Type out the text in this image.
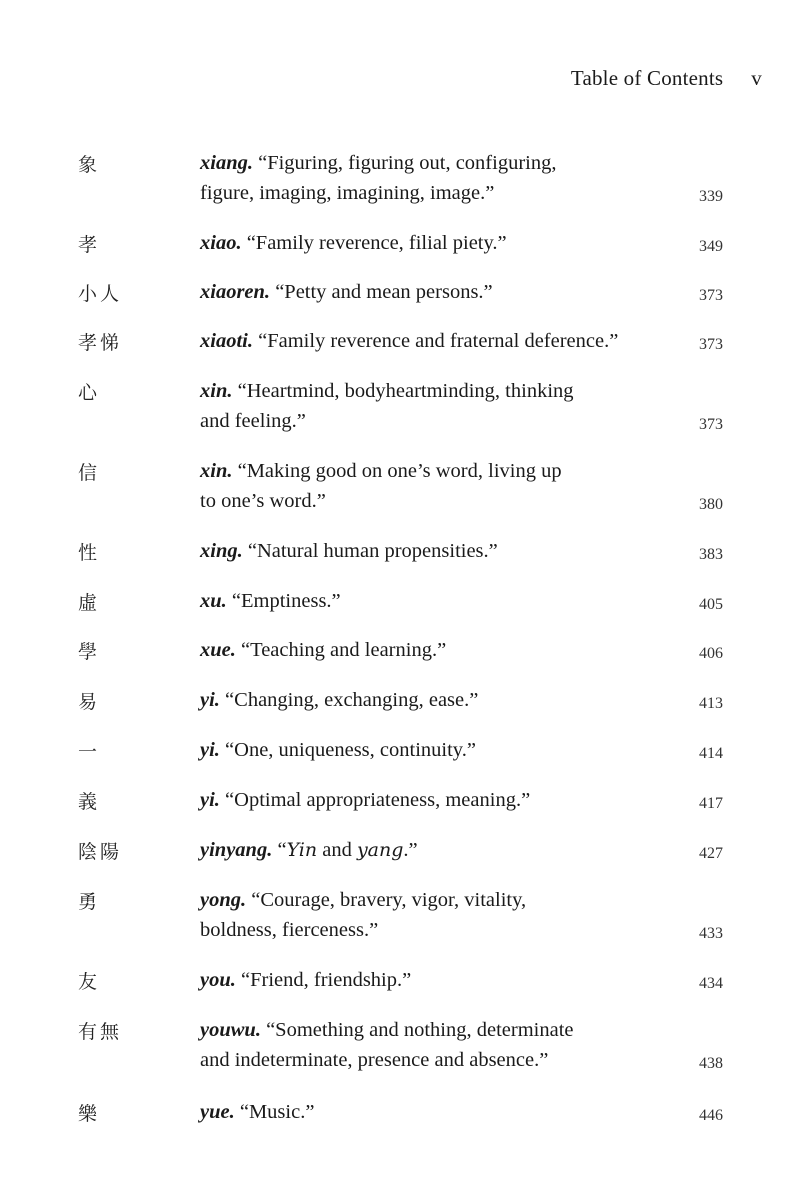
Table of Contents v
象	xiang. “Figuring, figuring out, configuring,
figure, imaging, imagining, image.”	339
孝	xiao. “Family reverence, filial piety.”	349
小人	xiaoren. “Petty and mean persons.”	373
孝悌	xiaoti. “Family reverence and fraternal deference.”	373
心	xin. “Heartmind, bodyheartminding, thinking
and feeling.”	373
信	xin. “Making good on one’s word, living up
to one’s word.”	380
性	xing. “Natural human propensities.”	383
虛	xu. “Emptiness.”	405
學	xue. “Teaching and learning.”	406
易	yi. “Changing, exchanging, ease.”	413
一	yi. “One, uniqueness, continuity.”	414
義	yi. “Optimal appropriateness, meaning.”	417
陰陽	yinyang. “Yin and yang.”	427
勇	yong. “Courage, bravery, vigor, vitality,
boldness, fierceness.”	433
友	you. “Friend, friendship.”	434
有無	youwu. “Something and nothing, determinate
and indeterminate, presence and absence.”	438
樂	yue. “Music.”	446
